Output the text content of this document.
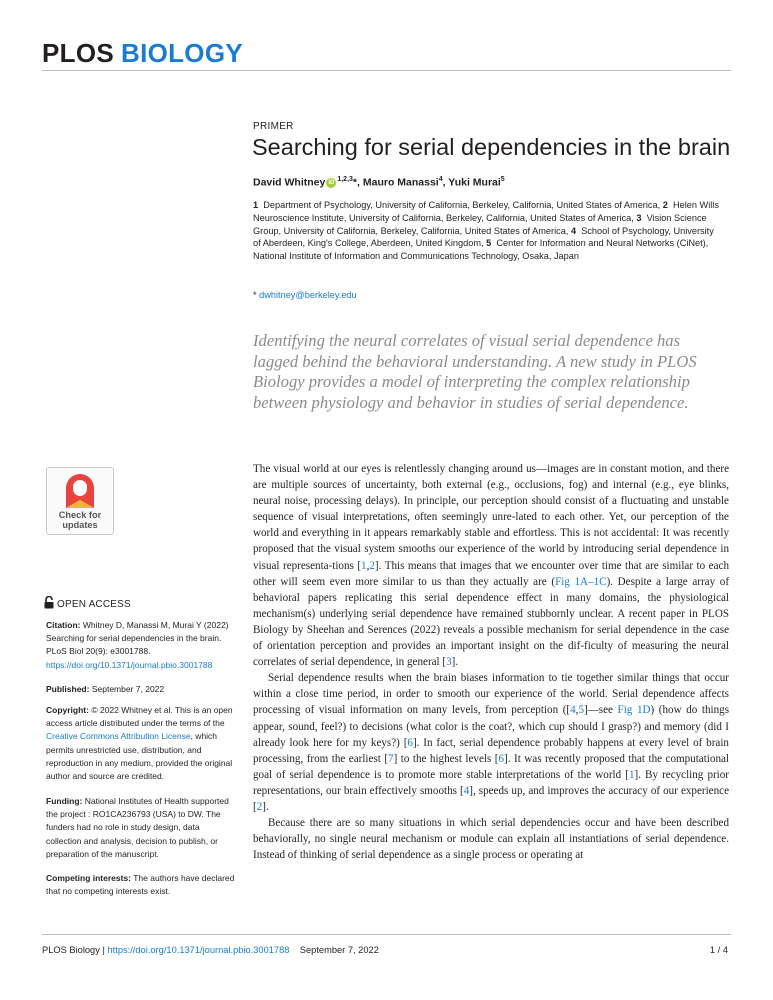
PLOS BIOLOGY
PRIMER
Searching for serial dependencies in the brain
David Whitney iD $^{1,2,3}$*, Mauro Manassi$^4$, Yuki Murai$^5$
1 Department of Psychology, University of California, Berkeley, California, United States of America, 2 Helen Wills Neuroscience Institute, University of California, Berkeley, California, United States of America, 3 Vision Science Group, University of California, Berkeley, California, United States of America, 4 School of Psychology, University of Aberdeen, King's College, Aberdeen, United Kingdom, 5 Center for Information and Neural Networks (CiNet), National Institute of Information and Communications Technology, Osaka, Japan
* dwhitney@berkeley.edu
Identifying the neural correlates of visual serial dependence has lagged behind the behavioral understanding. A new study in PLOS Biology provides a model of interpreting the complex relationship between physiology and behavior in studies of serial dependence.
Check for
updates
OPEN ACCESS
Citation: Whitney D, Manassi M, Murai Y (2022) Searching for serial dependencies in the brain. PLoS Biol 20(9): e3001788. https://doi.org/10.1371/journal.pbio.3001788
Published: September 7, 2022
Copyright: © 2022 Whitney et al. This is an open access article distributed under the terms of the Creative Commons Attribution License, which permits unrestricted use, distribution, and reproduction in any medium, provided the original author and source are credited.
Funding: National Institutes of Health supported the project : RO1CA236793 (USA) to DW. The funders had no role in study design, data collection and analysis, decision to publish, or preparation of the manuscript.
Competing interests: The authors have declared that no competing interests exist.

The visual world at our eyes is relentlessly changing around us—images are in constant motion, and there are multiple sources of uncertainty, both external (e.g., occlusions, fog) and internal (e.g., eye blinks, neural noise, processing delays). In principle, our perception should consist of a fluctuating and unstable sequence of visual interpretations, often seemingly unre-lated to each other. Yet, our perception of the world and everything in it appears remarkably stable and effortless. This is not accidental: It was recently proposed that the visual system smooths our experience of the world by introducing serial dependence in visual representa-tions [1,2]. This means that images that we encounter over time that are similar to each other will seem even more similar to us than they actually are (Fig 1A–1C). Despite a large array of behavioral papers replicating this serial dependence effect in many domains, the physiological mechanism(s) underlying serial dependence have remained stubbornly unclear. A recent paper in PLOS Biology by Sheehan and Serences (2022) reveals a possible mechanism for serial dependence in the case of orientation perception and provides an important insight on the dif-ficulty of measuring the neural correlates of serial dependence, in general [3].

Serial dependence results when the brain biases information to tie together similar things that occur within a close time period, in order to smooth our experience of the world. Serial dependence affects processing of visual information on many levels, from perception ([4,5]—see Fig 1D) (how do things appear, sound, feel?) to decisions (what color is the coat?, which cup should I grasp?) and memory (did I already look here for my keys?) [6]. In fact, serial dependence probably happens at every level of brain processing, from the earliest [7] to the highest levels [6]. It was recently proposed that the computational goal of serial dependence is to promote more stable interpretations of the world [1]. By recycling prior representations, our brain effectively smooths [4], speeds up, and improves the accuracy of our experience [2].

Because there are so many situations in which serial dependencies occur and have been described behaviorally, no single neural mechanism or module can explain all instantiations of serial dependence. Instead of thinking of serial dependence as a single process or operating at

PLOS Biology | https://doi.org/10.1371/journal.pbio.3001788 September 7, 2022	1 / 4
